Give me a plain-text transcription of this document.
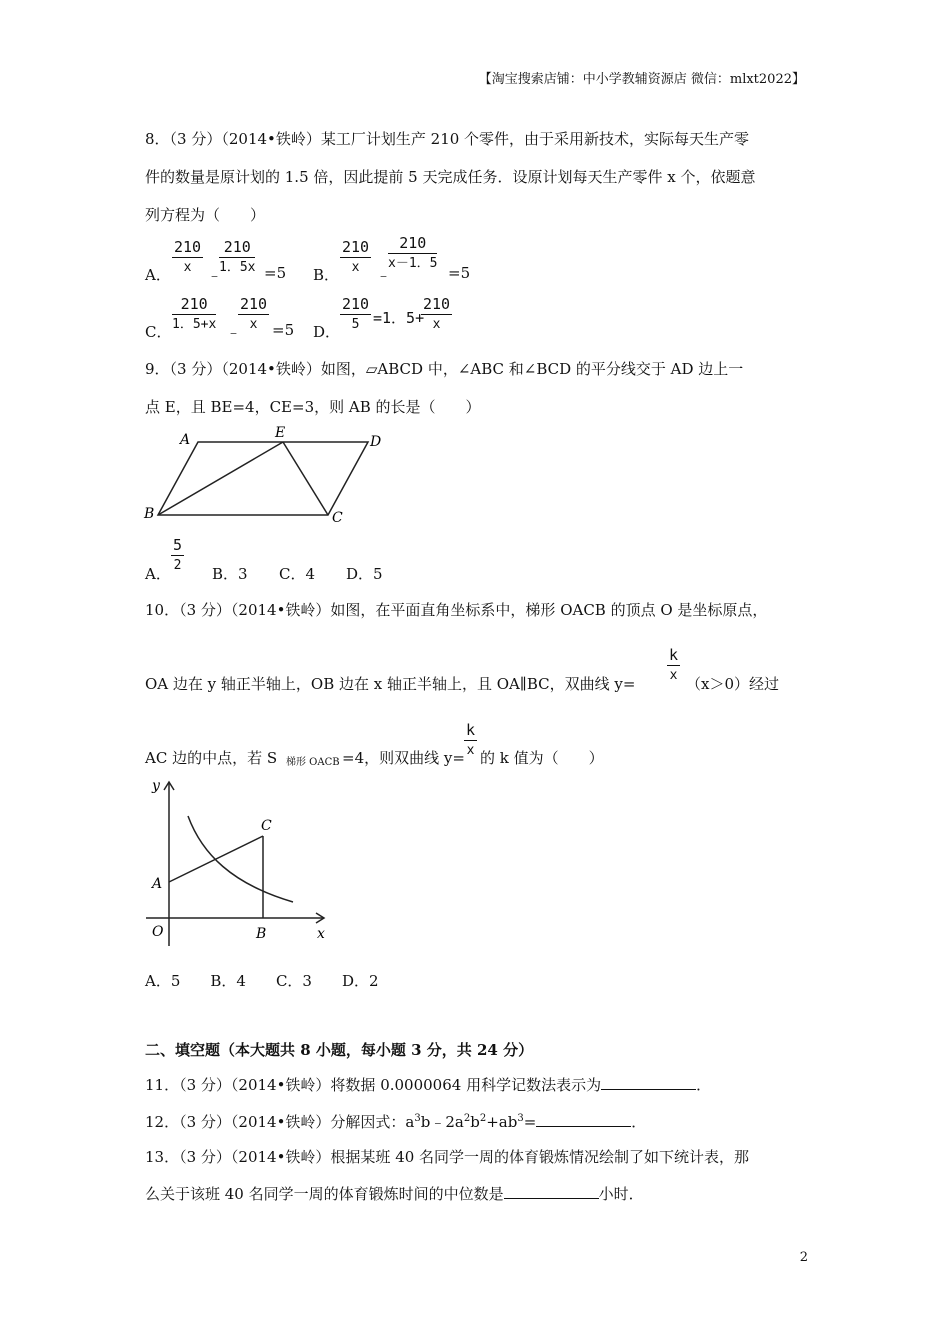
【淘宝搜索店铺：中小学教辅资源店 微信：mlxt2022】
8．（3 分）（2014•铁岭）某工厂计划生产 210 个零件，由于采用新技术，实际每天生产零
件的数量是原计划的 1.5 倍，因此提前 5 天完成任务．设原计划每天生产零件 x 个，依题意
列方程为（　　）
A．
$\frac{210}{x}$
﹣
$\frac{210}{1.5x} =5$ B．
$\frac{210}{x}$
﹣
$\frac{210}{x-1.5}$
=5
C．
$\frac{210}{1.5+x}$
﹣
$\frac{210}{x} =5$ D．
$\frac{210}{5} =1$．5+
$\frac{210}{x}$
9．（3 分）（2014•铁岭）如图，▱ABCD 中，∠ABC 和∠BCD 的平分线交于 AD 边上一
点 E，且 BE=4，CE=3，则 AB 的长是（　　）
A	E
D
B	C
A．
$\frac{5}{2}$
B．3 C．4 D．5
10．（3 分）（2014•铁岭）如图，在平面直角坐标系中，梯形 OACB 的顶点 O 是坐标原点，
OA 边在 y 轴正半轴上，OB 边在 x 轴正半轴上，且 OA∥BC，双曲线 y=
$\frac{k}{x}$
（x＞0）经过
AC 边的中点，若 S 梯形 OACB =4，则双曲线 y=
$\frac{k}{x}$
的 k 值为（　　）
y
C
A
O	B	x
A．5　　B．4　　C．3　　D．2
二、填空题（本大题共 8 小题，每小题 3 分，共 24 分）
11．（3 分）（2014•铁岭）将数据 0.0000064 用科学记数法表示为	．
12．（3 分）（2014•铁岭）分解因式：$a^3b﹣2a^2b^2+ab^3=$	．
13．（3 分）（2014•铁岭）根据某班 40 名同学一周的体育锻炼情况绘制了如下统计表，那
么关于该班 40 名同学一周的体育锻炼时间的中位数是	小时．
2
